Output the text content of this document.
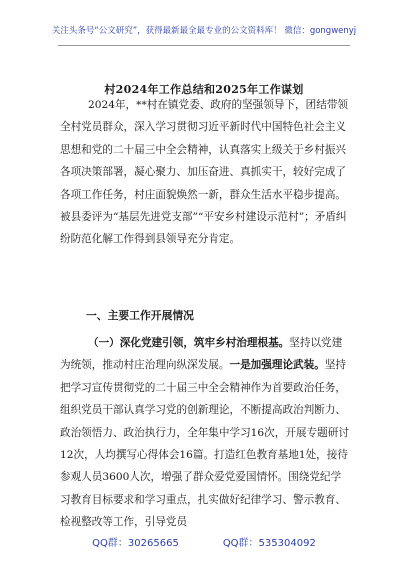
关注头条号“公文研究”，获得最新最全最专业的公文资料库！ 微信：gongwenyj
村2024年工作总结和2025年工作谋划
2024年，**村在镇党委、政府的坚强领导下，团结带领全村党员群众，深入学习贯彻习近平新时代中国特色社会主义思想和党的二十届三中全会精神，认真落实上级关于乡村振兴各项决策部署，凝心聚力、加压奋进、真抓实干，较好完成了各项工作任务，村庄面貌焕然一新，群众生活水平稳步提高。被县委评为“基层先进党支部”“平安乡村建设示范村”；矛盾纠纷防范化解工作得到县领导充分肯定。
一、主要工作开展情况
（一）深化党建引领，筑牢乡村治理根基。坚持以党建为统领，推动村庄治理向纵深发展。一是加强理论武装。坚持把学习宣传贯彻党的二十届三中全会精神作为首要政治任务，组织党员干部认真学习党的创新理论，不断提高政治判断力、政治领悟力、政治执行力，全年集中学习16次，开展专题研讨12次，人均撰写心得体会16篇。打造红色教育基地1处，接待参观人员3600人次，增强了群众爱党爱国情怀。围绕党纪学习教育目标要求和学习重点，扎实做好纪律学习、警示教育、检视整改等工作，引导党员
QQ群：30265665	QQ群：535304092
